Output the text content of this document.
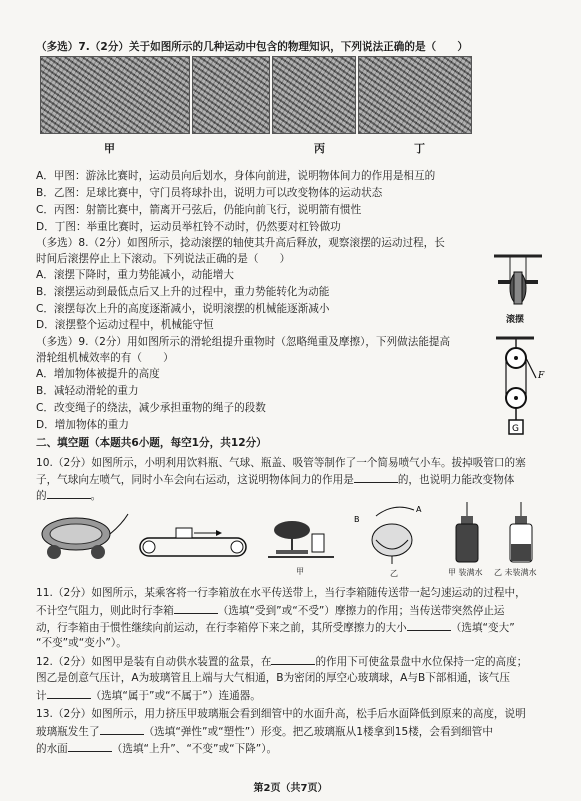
（多选）7.（2分）关于如图所示的几种运动中包含的物理知识，下列说法正确的是（　　）
甲	丙	丁
A．甲图：游泳比赛时，运动员向后划水，身体向前进，说明物体间力的作用是相互的
B．乙图：足球比赛中，守门员将球扑出，说明力可以改变物体的运动状态
C．丙图：射箭比赛中，箭离开弓弦后，仍能向前飞行，说明箭有惯性
D．丁图：举重比赛时，运动员举杠铃不动时，仍然要对杠铃做功
（多选）8.（2分）如图所示，捻动滚摆的轴使其升高后释放，观察滚摆的运动过程，长
时间后滚摆停止上下滚动。下列说法正确的是（　　）
A．滚摆下降时，重力势能减小，动能增大
B．滚摆运动到最低点后又上升的过程中，重力势能转化为动能
C．滚摆每次上升的高度逐渐减小，说明滚摆的机械能逐渐减小
D．滚摆整个运动过程中，机械能守恒	滚摆
（多选）9.（2分）用如图所示的滑轮组提升重物时（忽略绳重及摩擦），下列做法能提高
滑轮组机械效率的有（　　）
A．增加物体被提升的高度
B．减轻动滑轮的重力
C．改变绳子的绕法，减少承担重物的绳子的段数
D．增加物体的重力
F
G
二、填空题（本题共6小题，每空1分，共12分）
10.（2分）如图所示，小明利用饮料瓶、气球、瓶盖、吸管等制作了一个简易喷气小车。拔掉吸管口的塞
子，气球向左喷气，同时小车会向右运动，这说明物体间力的作用是	的，也说明力能改变物体
的	。
甲
B
A
乙	甲 装满水 乙 未装满水
11.（2分）如图所示，某乘客将一行李箱放在水平传送带上，当行李箱随传送带一起匀速运动的过程中，
不计空气阻力，则此时行李箱	（选填“受到”或“不受”）摩擦力的作用；当传送带突然停止运
动，行李箱由于惯性继续向前运动，在行李箱停下来之前，其所受摩擦力的大小	（选填“变大”
“不变”或“变小”）。
12.（2分）如图甲是装有自动供水装置的盆景，在	的作用下可使盆景盘中水位保持一定的高度；
图乙是创意气压计，A为玻璃管且上端与大气相通，B为密闭的厚空心玻璃球，A与B下部相通，该气压
计	（选填“属于”或“不属于”）连通器。
13.（2分）如图所示，用力挤压甲玻璃瓶会看到细管中的水面升高，松手后水面降低到原来的高度，说明
玻璃瓶发生了	（选填“弹性”或“塑性”）形变。把乙玻璃瓶从1楼拿到15楼，会看到细管中
的水面	（选填“上升”、“不变”或“下降”）。
第2页（共7页）
